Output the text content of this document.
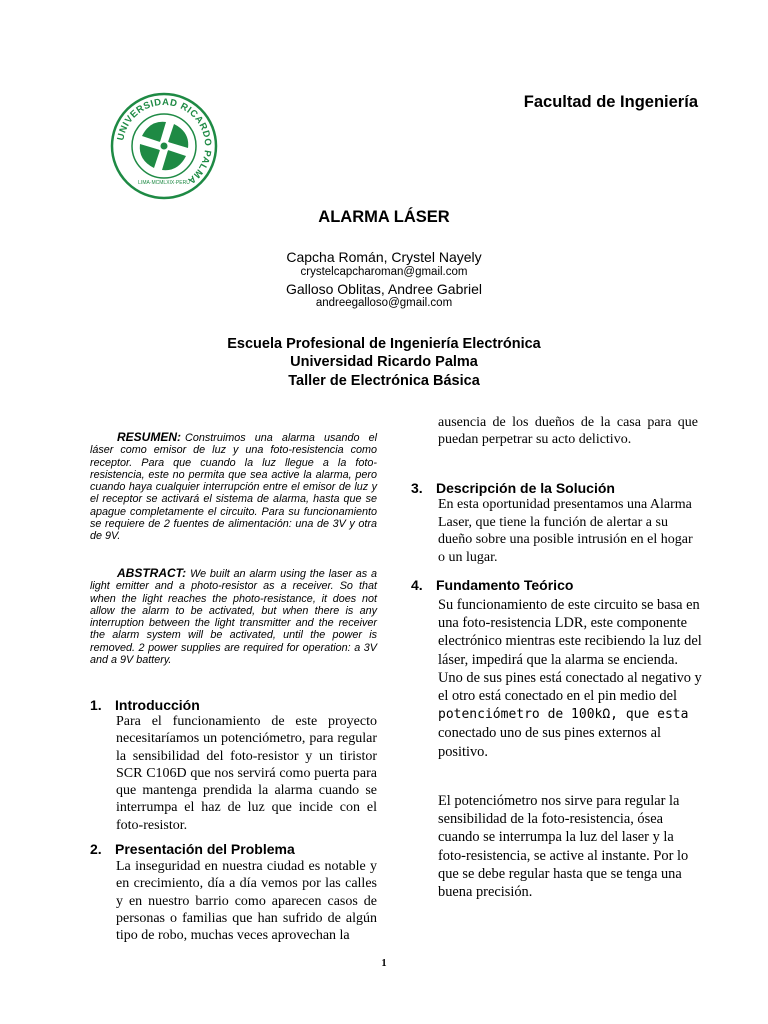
UNIVERSIDAD RICARDO PALMA
LIMA·MCMLXIX·PERU
Facultad de Ingeniería
ALARMA LÁSER
Capcha Román, Crystel Nayely
crystelcapcharoman@gmail.com
Galloso Oblitas, Andree Gabriel
andreegalloso@gmail.com
Escuela Profesional de Ingeniería Electrónica
Universidad Ricardo Palma
Taller de Electrónica Básica
RESUMEN: Construimos una alarma usando el láser como emisor de luz y una foto-resistencia como receptor. Para que cuando la luz llegue a la foto-resistencia, este no permita que sea active la alarma, pero cuando haya cualquier interrupción entre el emisor de luz y el receptor se activará el sistema de alarma, hasta que se apague completamente el circuito. Para su funcionamiento se requiere de 2 fuentes de alimentación: una de 3V y otra de 9V.
ABSTRACT: We built an alarm using the laser as a light emitter and a photo-resistor as a receiver. So that when the light reaches the photo-resistance, it does not allow the alarm to be activated, but when there is any interruption between the light transmitter and the receiver the alarm system will be activated, until the power is removed. 2 power supplies are required for operation: a 3V and a 9V battery.
1. Introducción
Para el funcionamiento de este proyecto necesitaríamos un potenciómetro, para regular la sensibilidad del foto-resistor y un tiristor SCR C106D que nos servirá como puerta para que mantenga prendida la alarma cuando se interrumpa el haz de luz que incide con el foto-resistor.
2. Presentación del Problema
La inseguridad en nuestra ciudad es notable y en crecimiento, día a día vemos por las calles y en nuestro barrio como aparecen casos de personas o familias que han sufrido de algún tipo de robo, muchas veces aprovechan la
ausencia de los dueños de la casa para que puedan perpetrar su acto delictivo.
3. Descripción de la Solución
En esta oportunidad presentamos una Alarma Laser, que tiene la función de alertar a su dueño sobre una posible intrusión en el hogar o un lugar.
4. Fundamento Teórico
Su funcionamiento de este circuito se basa en una foto-resistencia LDR, este componente electrónico mientras este recibiendo la luz del láser, impedirá que la alarma se encienda. Uno de sus pines está conectado al negativo y el otro está conectado en el pin medio del potenciómetro de 100kΩ, que esta conectado uno de sus pines externos al positivo.
El potenciómetro nos sirve para regular la sensibilidad de la foto-resistencia, ósea cuando se interrumpa la luz del laser y la foto-resistencia, se active al instante. Por lo que se debe regular hasta que se tenga una buena precisión.
1
